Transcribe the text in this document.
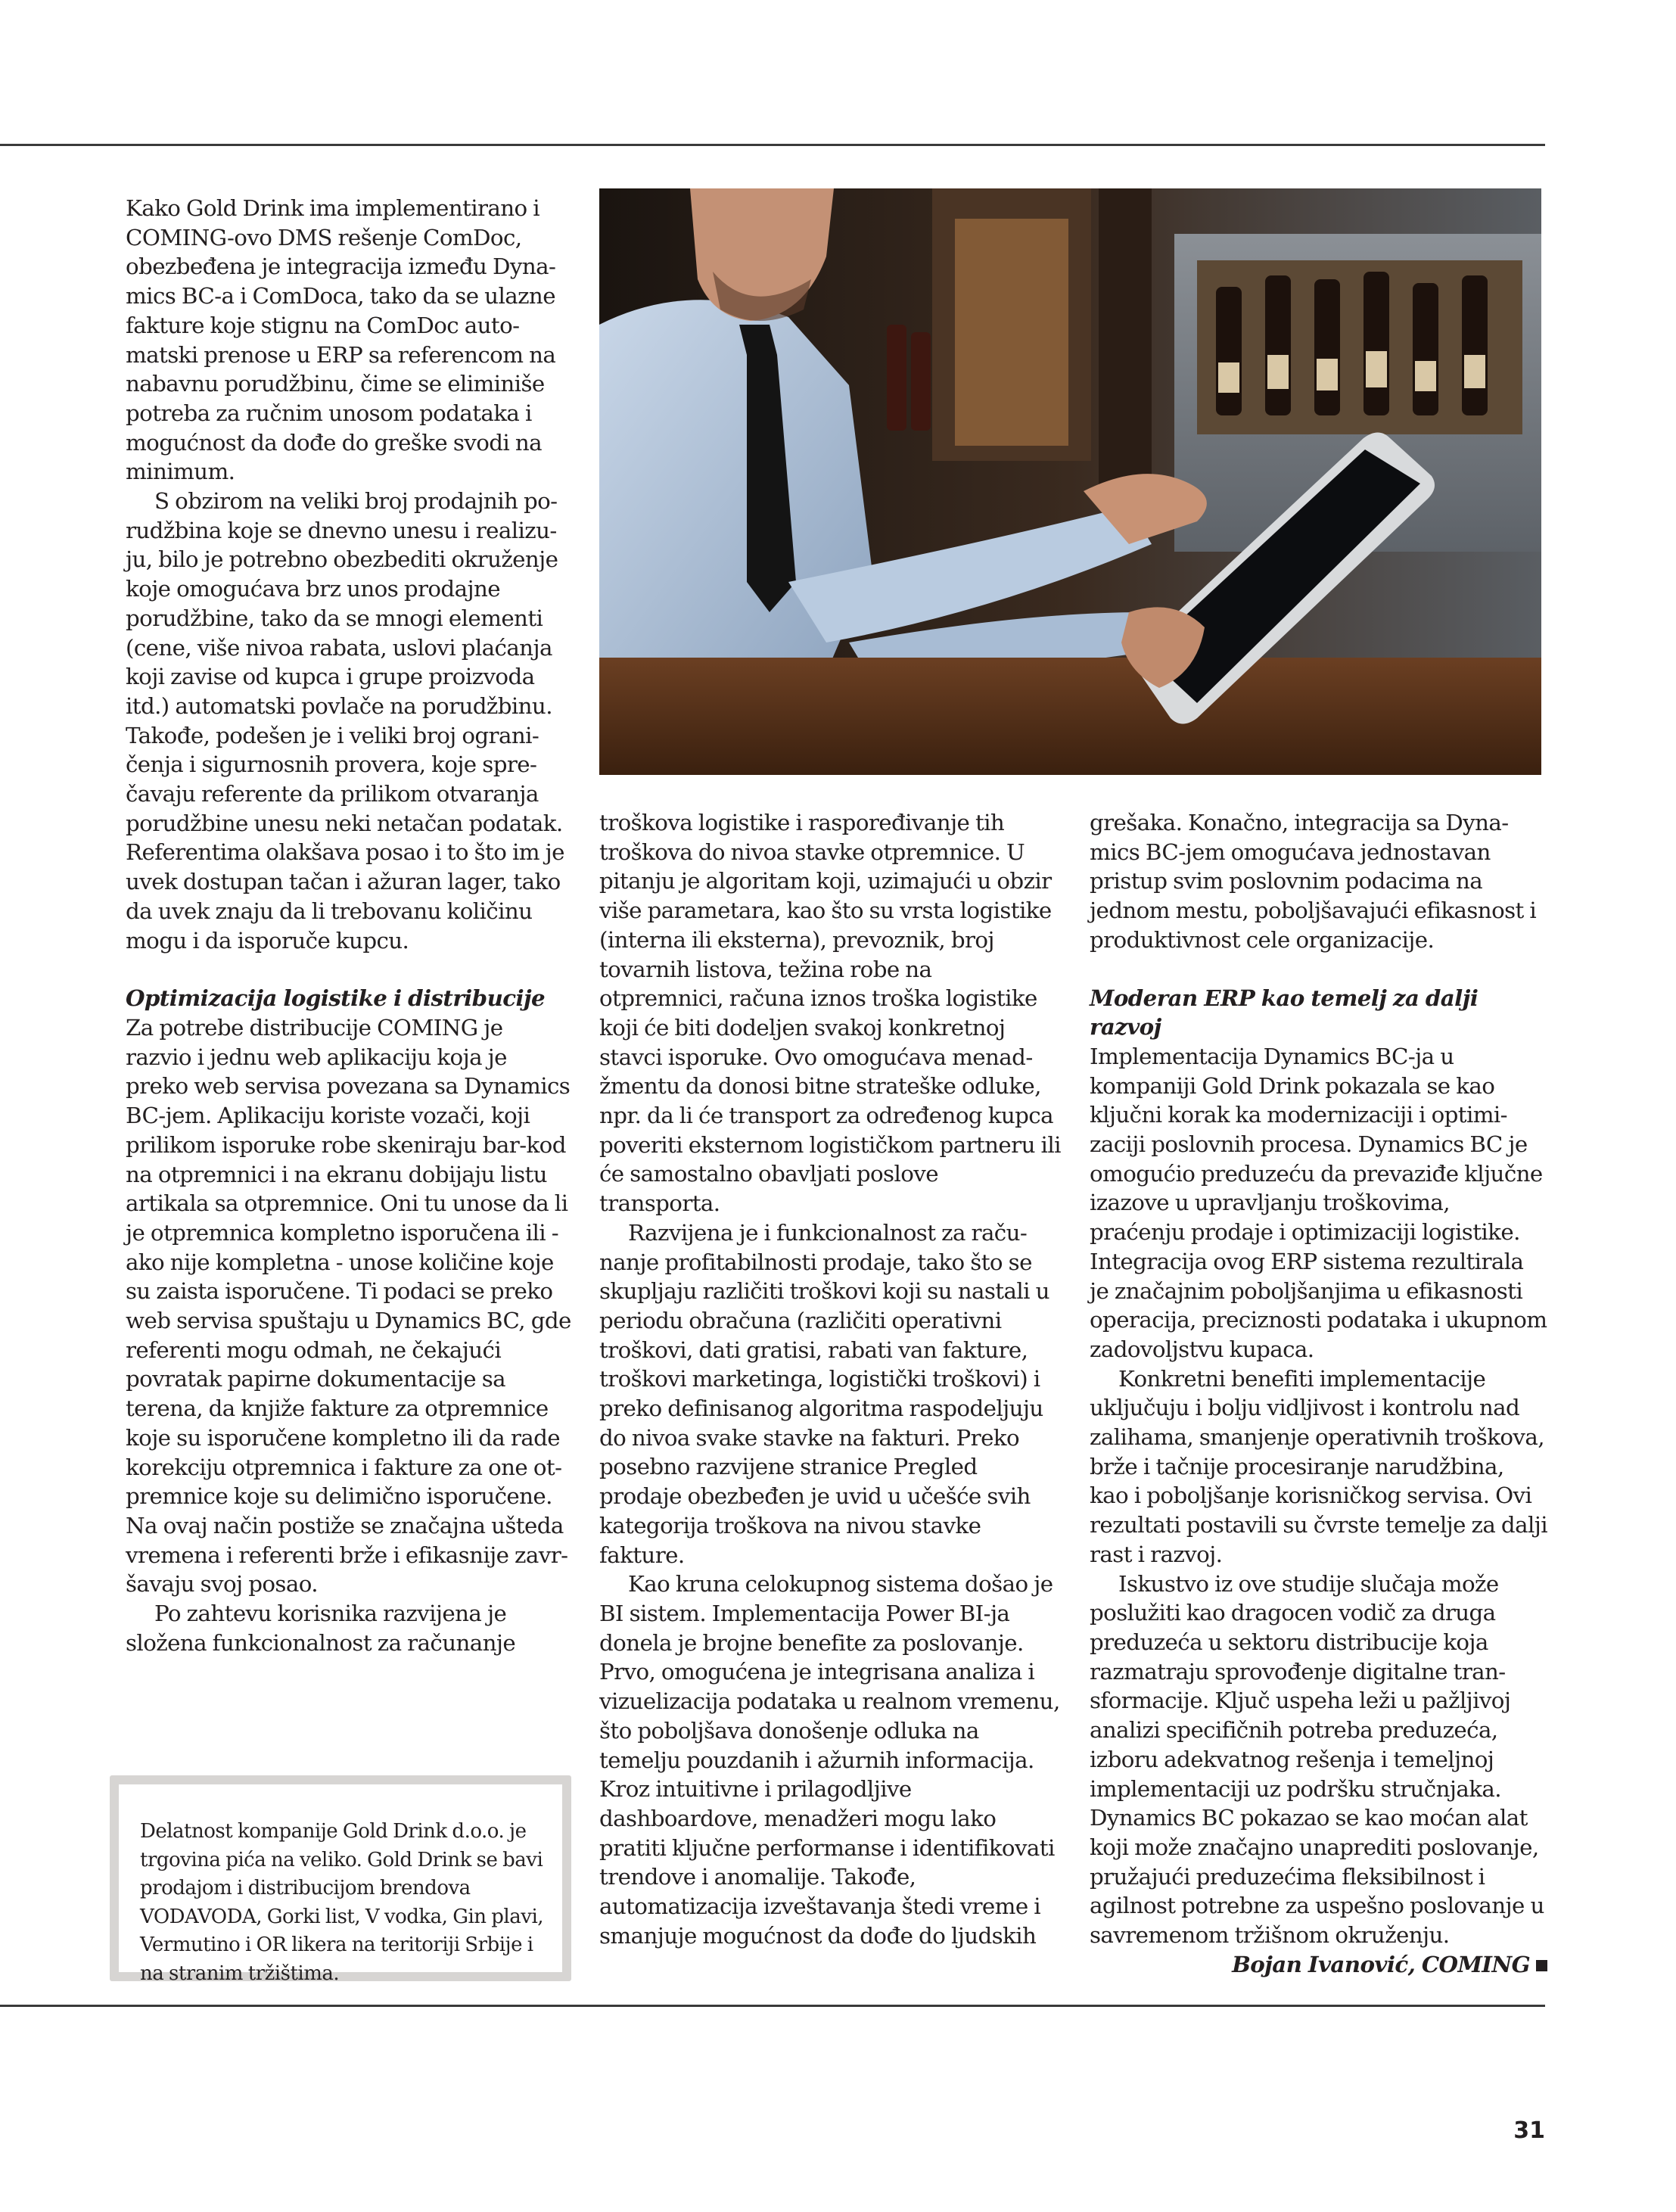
Kako Gold Drink ima implementirano i COMING-ovo DMS rešenje ComDoc, obezbeđena je integracija između Dynamics BC-a i ComDoca, tako da se ulazne fakture koje stignu na ComDoc automatski prenose u ERP sa referencom na nabavnu porudžbinu, čime se eliminiše potreba za ručnim unosom podataka i mogućnost da dođe do greške svodi na minimum.

S obzirom na veliki broj prodajnih porudžbina koje se dnevno unesu i realizuju, bilo je potrebno obezbediti okruženje koje omogućava brz unos prodajne porudžbine, tako da se mnogi elementi (cene, više nivoa rabata, uslovi plaćanja koji zavise od kupca i grupe proizvoda itd.) automatski povlače na porudžbinu. Takođe, podešen je i veliki broj ograničenja i sigurnosnih provera, koje sprečavaju referente da prilikom otvaranja porudžbine unesu neki netačan podatak. Referentima olakšava posao i to što im je uvek dostupan tačan i ažuran lager, tako da uvek znaju da li trebovanu količinu mogu i da isporuče kupcu.

Optimizacija logistike i distribucije

Za potrebe distribucije COMING je razvio i jednu web aplikaciju koja je preko web servisa povezana sa Dynamics BC-jem. Aplikaciju koriste vozači, koji prilikom isporuke robe skeniraju bar-kod na otpremnici i na ekranu dobijaju listu artikala sa otpremnice. Oni tu unose da li je otpremnica kompletno isporučena ili - ako nije kompletna - unose količine koje su zaista isporučene. Ti podaci se preko web servisa spuštaju u Dynamics BC, gde referenti mogu odmah, ne čekajući povratak papirne dokumentacije sa terena, da knjiže fakture za otpremnice koje su isporučene kompletno ili da rade korekciju otpremnica i fakture za one otpremnice koje su delimično isporučene. Na ovaj način postiže se značajna ušteda vremena i referenti brže i efikasnije završavaju svoj posao.

Po zahtevu korisnika razvijena je složena funkcionalnost za računanje

troškova logistike i raspoređivanje tih troškova do nivoa stavke otpremnice. U pitanju je algoritam koji, uzimajući u obzir više parametara, kao što su vrsta logistike (interna ili eksterna), prevoznik, broj tovarnih listova, težina robe na otpremnici, računa iznos troška logistike koji će biti dodeljen svakoj konkretnoj stavci isporuke. Ovo omogućava menadžmentu da donosi bitne strateške odluke, npr. da li će transport za određenog kupca poveriti eksternom logističkom partneru ili će samostalno obavljati poslove transporta.

Razvijena je i funkcionalnost za računanje profitabilnosti prodaje, tako što se skupljaju različiti troškovi koji su nastali u periodu obračuna (različiti operativni troškovi, dati gratisi, rabati van fakture, troškovi marketinga, logistički troškovi) i preko definisanog algoritma raspodeljuju do nivoa svake stavke na fakturi. Preko posebno razvijene stranice Pregled prodaje obezbeđen je uvid u učešće svih kategorija troškova na nivou stavke fakture.

Kao kruna celokupnog sistema došao je BI sistem. Implementacija Power BI-ja donela je brojne benefite za poslovanje. Prvo, omogućena je integrisana analiza i vizuelizacija podataka u realnom vremenu, što poboljšava donošenje odluka na temelju pouzdanih i ažurnih informacija. Kroz intuitivne i prilagodljive dashboardove, menadžeri mogu lako pratiti ključne performanse i identifikovati trendove i anomalije. Takođe, automatizacija izveštavanja štedi vreme i smanjuje mogućnost da dođe do ljudskih

grešaka. Konačno, integracija sa Dynamics BC-jem omogućava jednostavan pristup svim poslovnim podacima na jednom mestu, poboljšavajući efikasnost i produktivnost cele organizacije.

Moderan ERP kao temelj za dalji razvoj

Implementacija Dynamics BC-ja u kompaniji Gold Drink pokazala se kao ključni korak ka modernizaciji i optimizaciji poslovnih procesa. Dynamics BC je omogućio preduzeću da prevaziđe ključne izazove u upravljanju troškovima, praćenju prodaje i optimizaciji logistike. Integracija ovog ERP sistema rezultirala je značajnim poboljšanjima u efikasnosti operacija, preciznosti podataka i ukupnom zadovoljstvu kupaca.

Konkretni benefiti implementacije uključuju i bolju vidljivost i kontrolu nad zalihama, smanjenje operativnih troškova, brže i tačnije procesiranje narudžbina, kao i poboljšanje korisničkog servisa. Ovi rezultati postavili su čvrste temelje za dalji rast i razvoj.

Iskustvo iz ove studije slučaja može poslužiti kao dragocen vodič za druga preduzeća u sektoru distribucije koja razmatraju sprovođenje digitalne transformacije. Ključ uspeha leži u pažljivoj analizi specifičnih potreba preduzeća, izboru adekvatnog rešenja i temeljnoj implementaciji uz podršku stručnjaka. Dynamics BC pokazao se kao moćan alat koji može značajno unaprediti poslovanje, pružajući preduzećima fleksibilnost i agilnost potrebne za uspešno poslovanje u savremenom tržišnom okruženju.

Bojan Ivanović, COMING
Delatnost kompanije Gold Drink d.o.o. je trgovina pića na veliko. Gold Drink se bavi prodajom i distribucijom brendova VODAVODA, Gorki list, V vodka, Gin plavi, Vermutino i OR likera na teritoriji Srbije i na stranim tržištima.
31
